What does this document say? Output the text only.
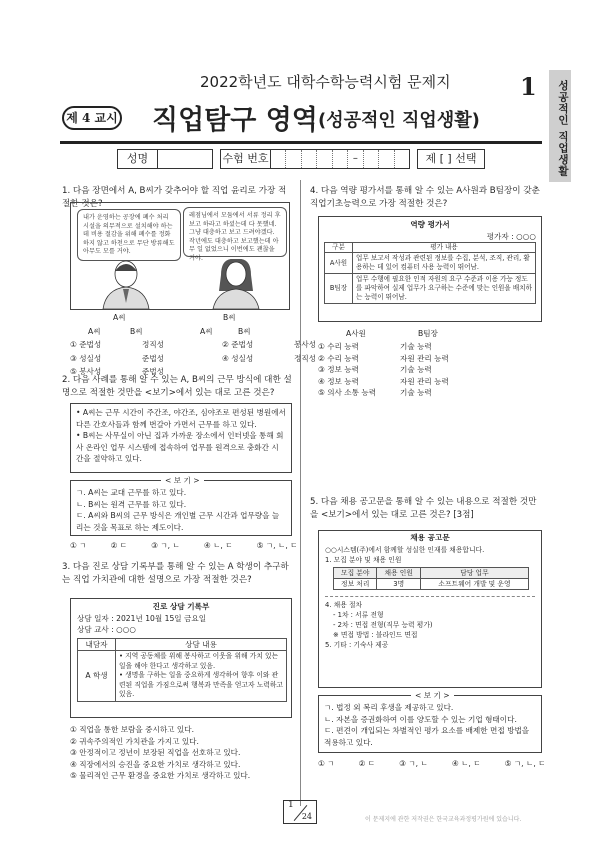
2022학년도 대학수학능력시험 문제지	1	성공적인 직업생활
제 4 교시 직업탐구 영역 (성공적인 직업생활)
성명	수험 번호	–	제 [ ] 선택
1. 다음 장면에서 A, B씨가 갖추어야 할 직업 윤리로 가장 적절한 것은?
내가 운영하는 공장에 폐수 처리 시설을 의무적으로 설치해야 하는데 비용 절감을 위해 폐수를 정화하지 않고 하천으로 무단 방류해도 아무도 모를 거야.
레점님에서 모둠에서 서류 정리 후 보고 하라고 하셨는데 다 못했네. 그냥 대충하고 보고 드려야겠다. 작년에도 대충하고 보고했는데 아무 일 없었으니 이번에도 괜찮을 거야.
A씨	B씨
A씨	B씨	A씨	B씨
① 준법성	정직성	② 준법성	봉사성
③ 성실성	준법성	④ 성실성	정직성
⑤ 봉사성	준법성
2. 다음 사례를 통해 알 수 있는 A, B씨의 근무 방식에 대한 설명으로 적절한 것만을 <보기>에서 있는 대로 고른 것은?
• A씨는 근무 시간이 주간조, 야간조, 심야조로 편성된 병원에서 다른 간호사들과 함께 번갈아 가면서 근무를 하고 있다.
• B씨는 사무실이 아닌 집과 가까운 장소에서 인터넷을 통해 회사 온라인 업무 시스템에 접속하여 업무를 원격으로 충화간 시간을 절약하고 있다.
< 보 기 >
ㄱ. A씨는 교대 근무를 하고 있다.
ㄴ. B씨는 원격 근무를 하고 있다.
ㄷ. A씨와 B씨의 근무 방식은 개인별 근무 시간과 업무량을 늘리는 것을 목표로 하는 제도이다.
① ㄱ	② ㄷ	③ ㄱ, ㄴ	④ ㄴ, ㄷ	⑤ ㄱ, ㄴ, ㄷ
3. 다음 진로 상담 기록부를 통해 알 수 있는 A 학생이 추구하는 직업 가치관에 대한 설명으로 가장 적절한 것은?
진로 상담 기록부
상담 일자 : 2021년 10월 15일 금요일
상담 교사 : ○○○
내담자	상담 내용
A 학생	• 지역 공동체를 위해 봉사하고 이웃을 위해 가치 있는 일을 해야 한다고 생각하고 있음.
• 생명을 구하는 일을 중요하게 생각하여 향후 이와 관련된 직업을 가짐으로써 행복과 만족을 얻고자 노력하고 있음.
① 직업을 통한 보람을 중시하고 있다.
② 귀속주의적인 가치관을 가지고 있다.
③ 안정적이고 정년이 보장된 직업을 선호하고 있다.
④ 직장에서의 승진을 중요한 가치로 생각하고 있다.
⑤ 물리적인 근무 환경을 중요한 가치로 생각하고 있다.
4. 다음 역량 평가서를 통해 알 수 있는 A사원과 B팀장이 갖춘 직업기초능력으로 가장 적절한 것은?
역량 평가서
평가자 : ○○○
구분	평가 내용
A사원	업무 보고서 작성과 관련된 정보를 수집, 분석, 조직, 관리, 활용하는 데 있어 컴퓨터 사용 능력이 뛰어남.
B팀장	업무 수행에 필요한 인적 자원의 요구 수준과 이용 가능 정도를 파악하여 실제 업무가 요구하는 수준에 맞는 인원을 배치하는 능력이 뛰어남.
A사원	B팀장
① 수리 능력	기술 능력
② 수리 능력	자원 관리 능력
③ 정보 능력	기술 능력
④ 정보 능력	자원 관리 능력
⑤ 의사 소통 능력	기술 능력
5. 다음 채용 공고문을 통해 알 수 있는 내용으로 적절한 것만을 <보기>에서 있는 대로 고른 것은? [3점]
채용 공고문
○○시스템(주)에서 함께할 성실한 인재를 채용합니다.
1. 모집 분야 및 채용 인원
모집 분야	채용 인원	담당 업무
정보 처리	3명	소프트웨어 개발 및 운영
4. 채용 절차
- 1차 : 서류 전형
- 2차 : 면접 전형(직무 능력 평가)
※ 면접 방법 : 블라인드 면접
5. 기타 : 기숙사 제공
< 보 기 >
ㄱ. 법정 외 복리 후생을 제공하고 있다.
ㄴ. 자본을 증권화하여 이를 양도할 수 있는 기업 형태이다.
ㄷ. 편견이 개입되는 차별적인 평가 요소를 배제한 면접 방법을 적용하고 있다.
① ㄱ	② ㄷ	③ ㄱ, ㄴ	④ ㄴ, ㄷ	⑤ ㄱ, ㄴ, ㄷ
1
24	이 문제지에 관한 저작권은 한국교육과정평가원에 있습니다.
